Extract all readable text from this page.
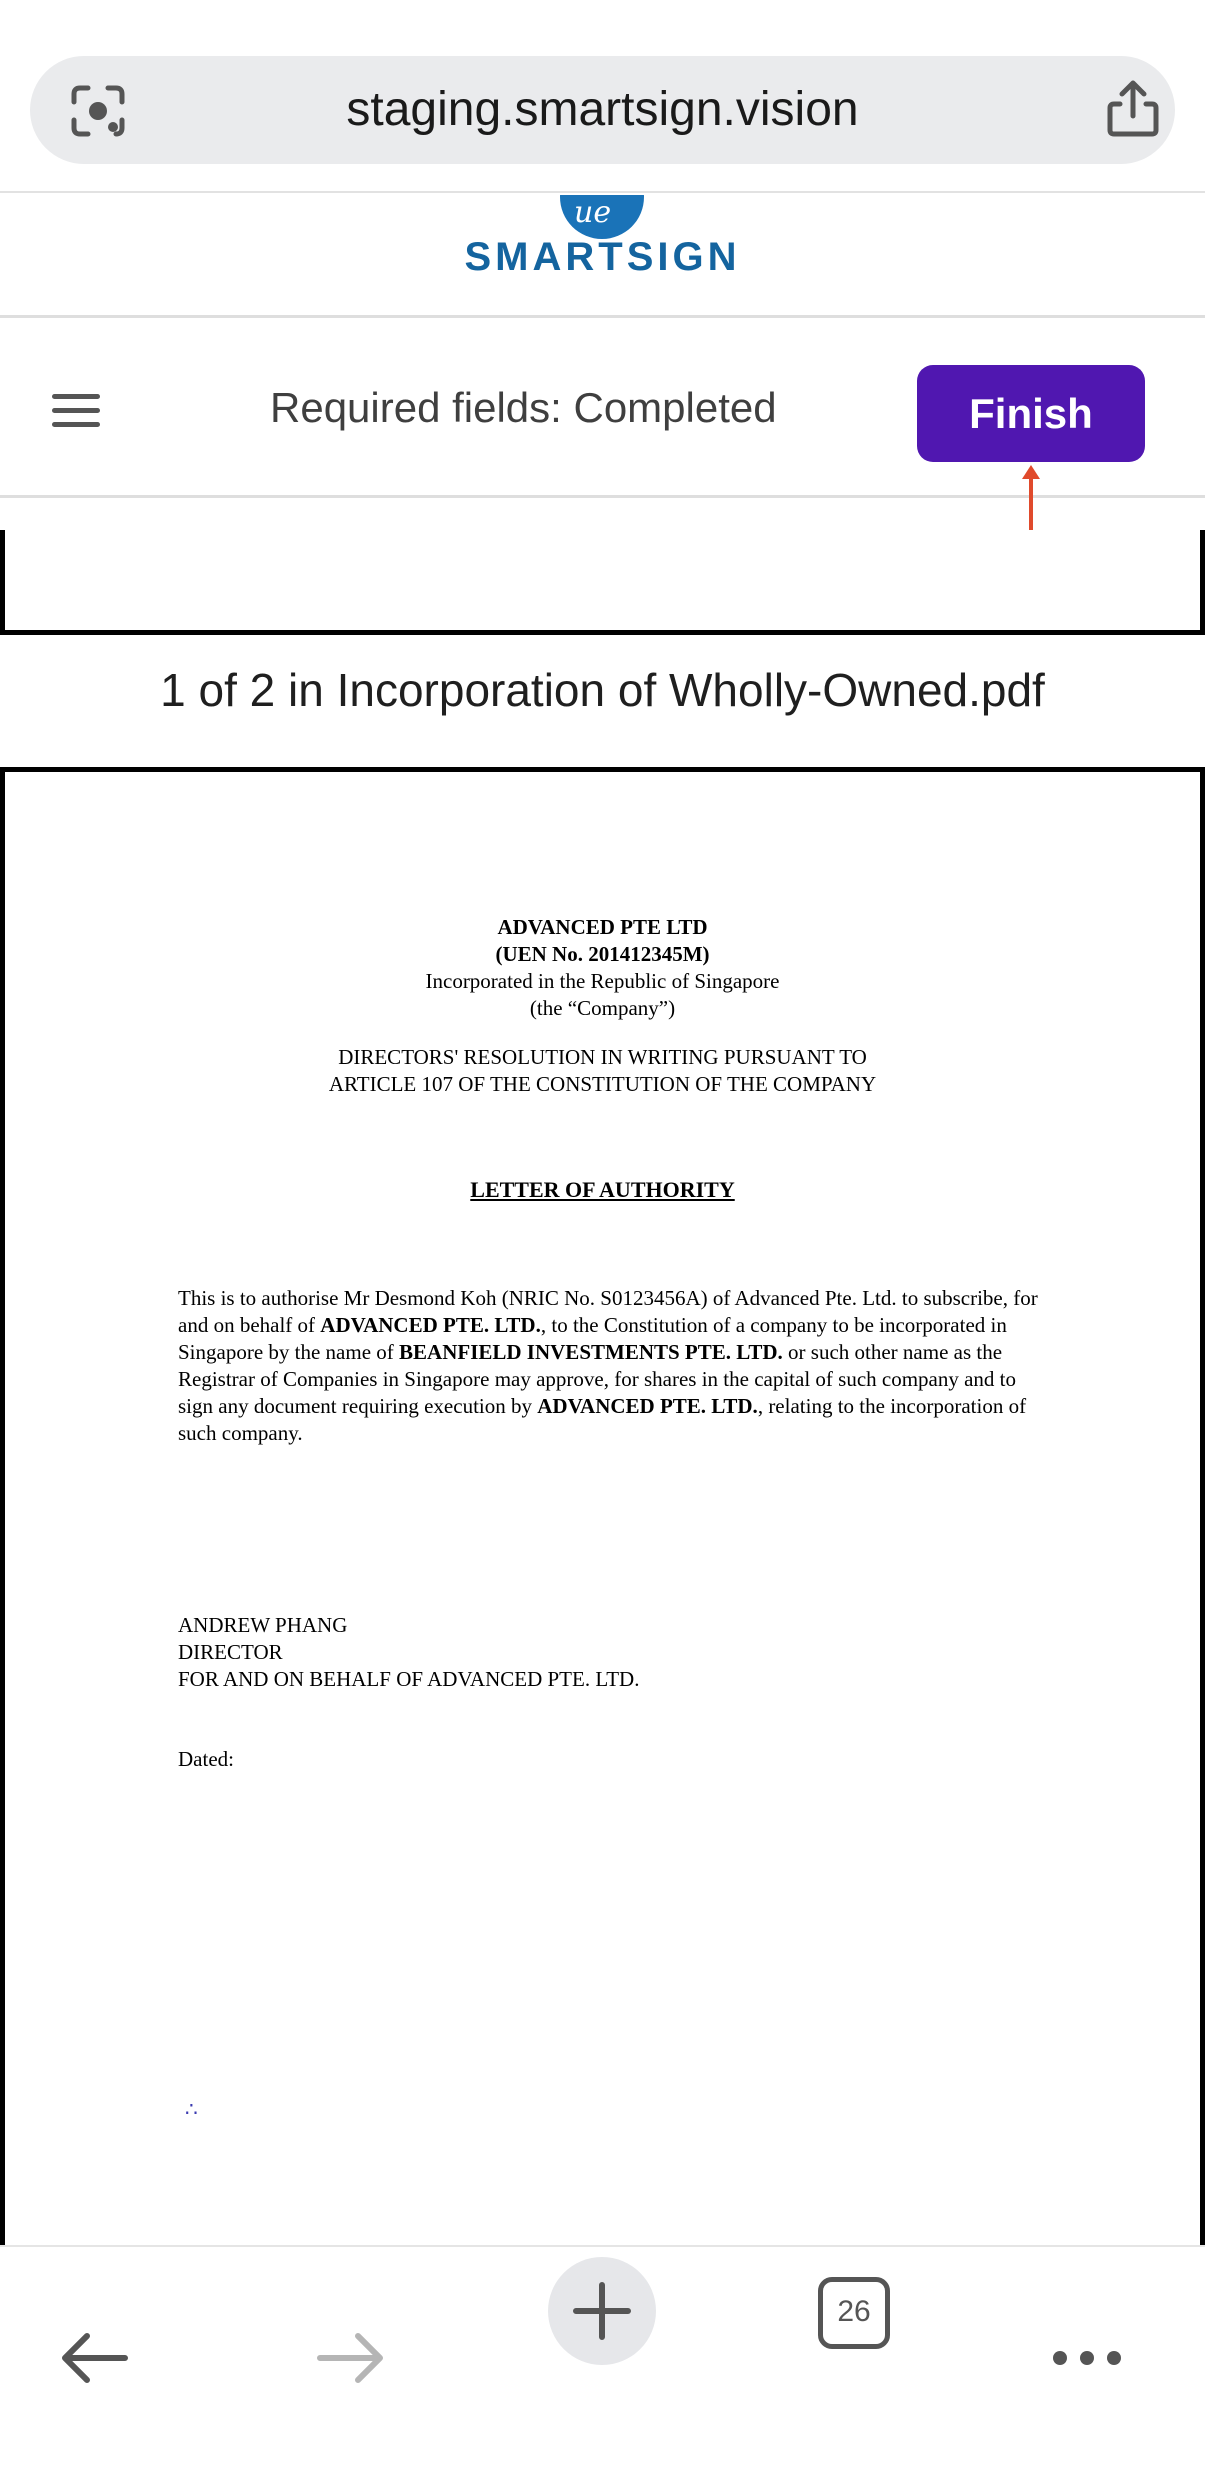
staging.smartsign.vision
ue
SMARTSIGN
Required fields: Completed	Finish
1 of 2 in Incorporation of Wholly-Owned.pdf
ADVANCED PTE LTD
(UEN No. 201412345M)
Incorporated in the Republic of Singapore
(the “Company”)
DIRECTORS' RESOLUTION IN WRITING PURSUANT TO
ARTICLE 107 OF THE CONSTITUTION OF THE COMPANY
LETTER OF AUTHORITY
This is to authorise Mr Desmond Koh (NRIC No. S0123456A) of Advanced Pte. Ltd. to subscribe, for and on behalf of ADVANCED PTE. LTD., to the Constitution of a company to be incorporated in Singapore by the name of BEANFIELD INVESTMENTS PTE. LTD. or such other name as the Registrar of Companies in Singapore may approve, for shares in the capital of such company and to sign any document requiring execution by ADVANCED PTE. LTD., relating to the incorporation of such company.
ANDREW PHANG
DIRECTOR
FOR AND ON BEHALF OF ADVANCED PTE. LTD.
Dated:
∴
26
